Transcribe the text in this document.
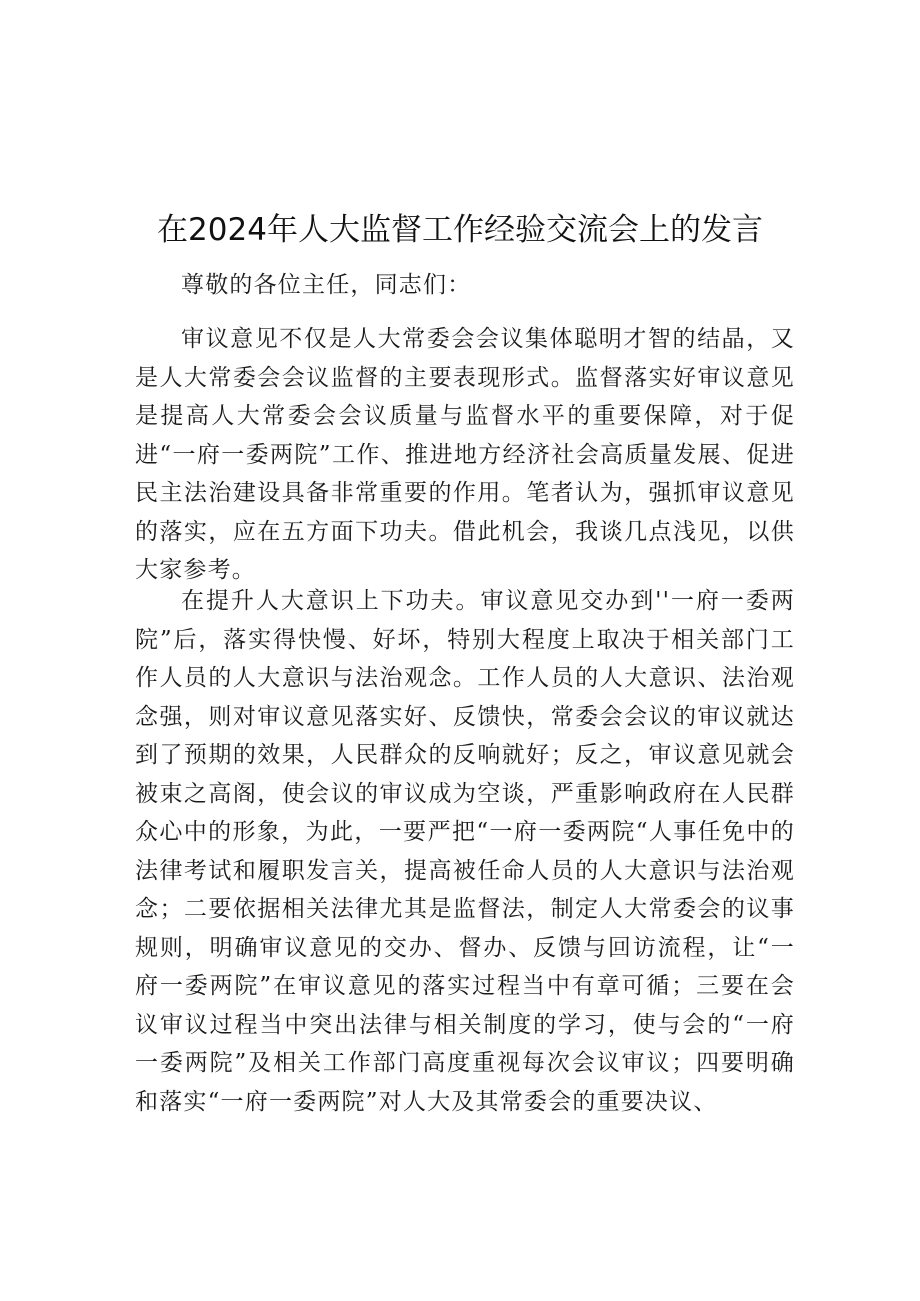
在2024年人大监督工作经验交流会上的发言

尊敬的各位主任，同志们：

审议意见不仅是人大常委会会议集体聪明才智的结晶，又是人大常委会会议监督的主要表现形式。监督落实好审议意见是提高人大常委会会议质量与监督水平的重要保障，对于促进“一府一委两院”工作、推进地方经济社会高质量发展、促进民主法治建设具备非常重要的作用。笔者认为，强抓审议意见的落实，应在五方面下功夫。借此机会，我谈几点浅见，以供大家参考。

在提升人大意识上下功夫。审议意见交办到''一府一委两院”后，落实得快慢、好坏，特别大程度上取决于相关部门工作人员的人大意识与法治观念。工作人员的人大意识、法治观念强，则对审议意见落实好、反馈快，常委会会议的审议就达到了预期的效果，人民群众的反响就好；反之，审议意见就会被束之高阁，使会议的审议成为空谈，严重影响政府在人民群众心中的形象，为此，一要严把“一府一委两院“人事任免中的法律考试和履职发言关，提高被任命人员的人大意识与法治观念；二要依据相关法律尤其是监督法，制定人大常委会的议事规则，明确审议意见的交办、督办、反馈与回访流程，让“一府一委两院”在审议意见的落实过程当中有章可循；三要在会议审议过程当中突出法律与相关制度的学习，使与会的“一府一委两院”及相关工作部门高度重视每次会议审议；四要明确和落实“一府一委两院”对人大及其常委会的重要决议、
